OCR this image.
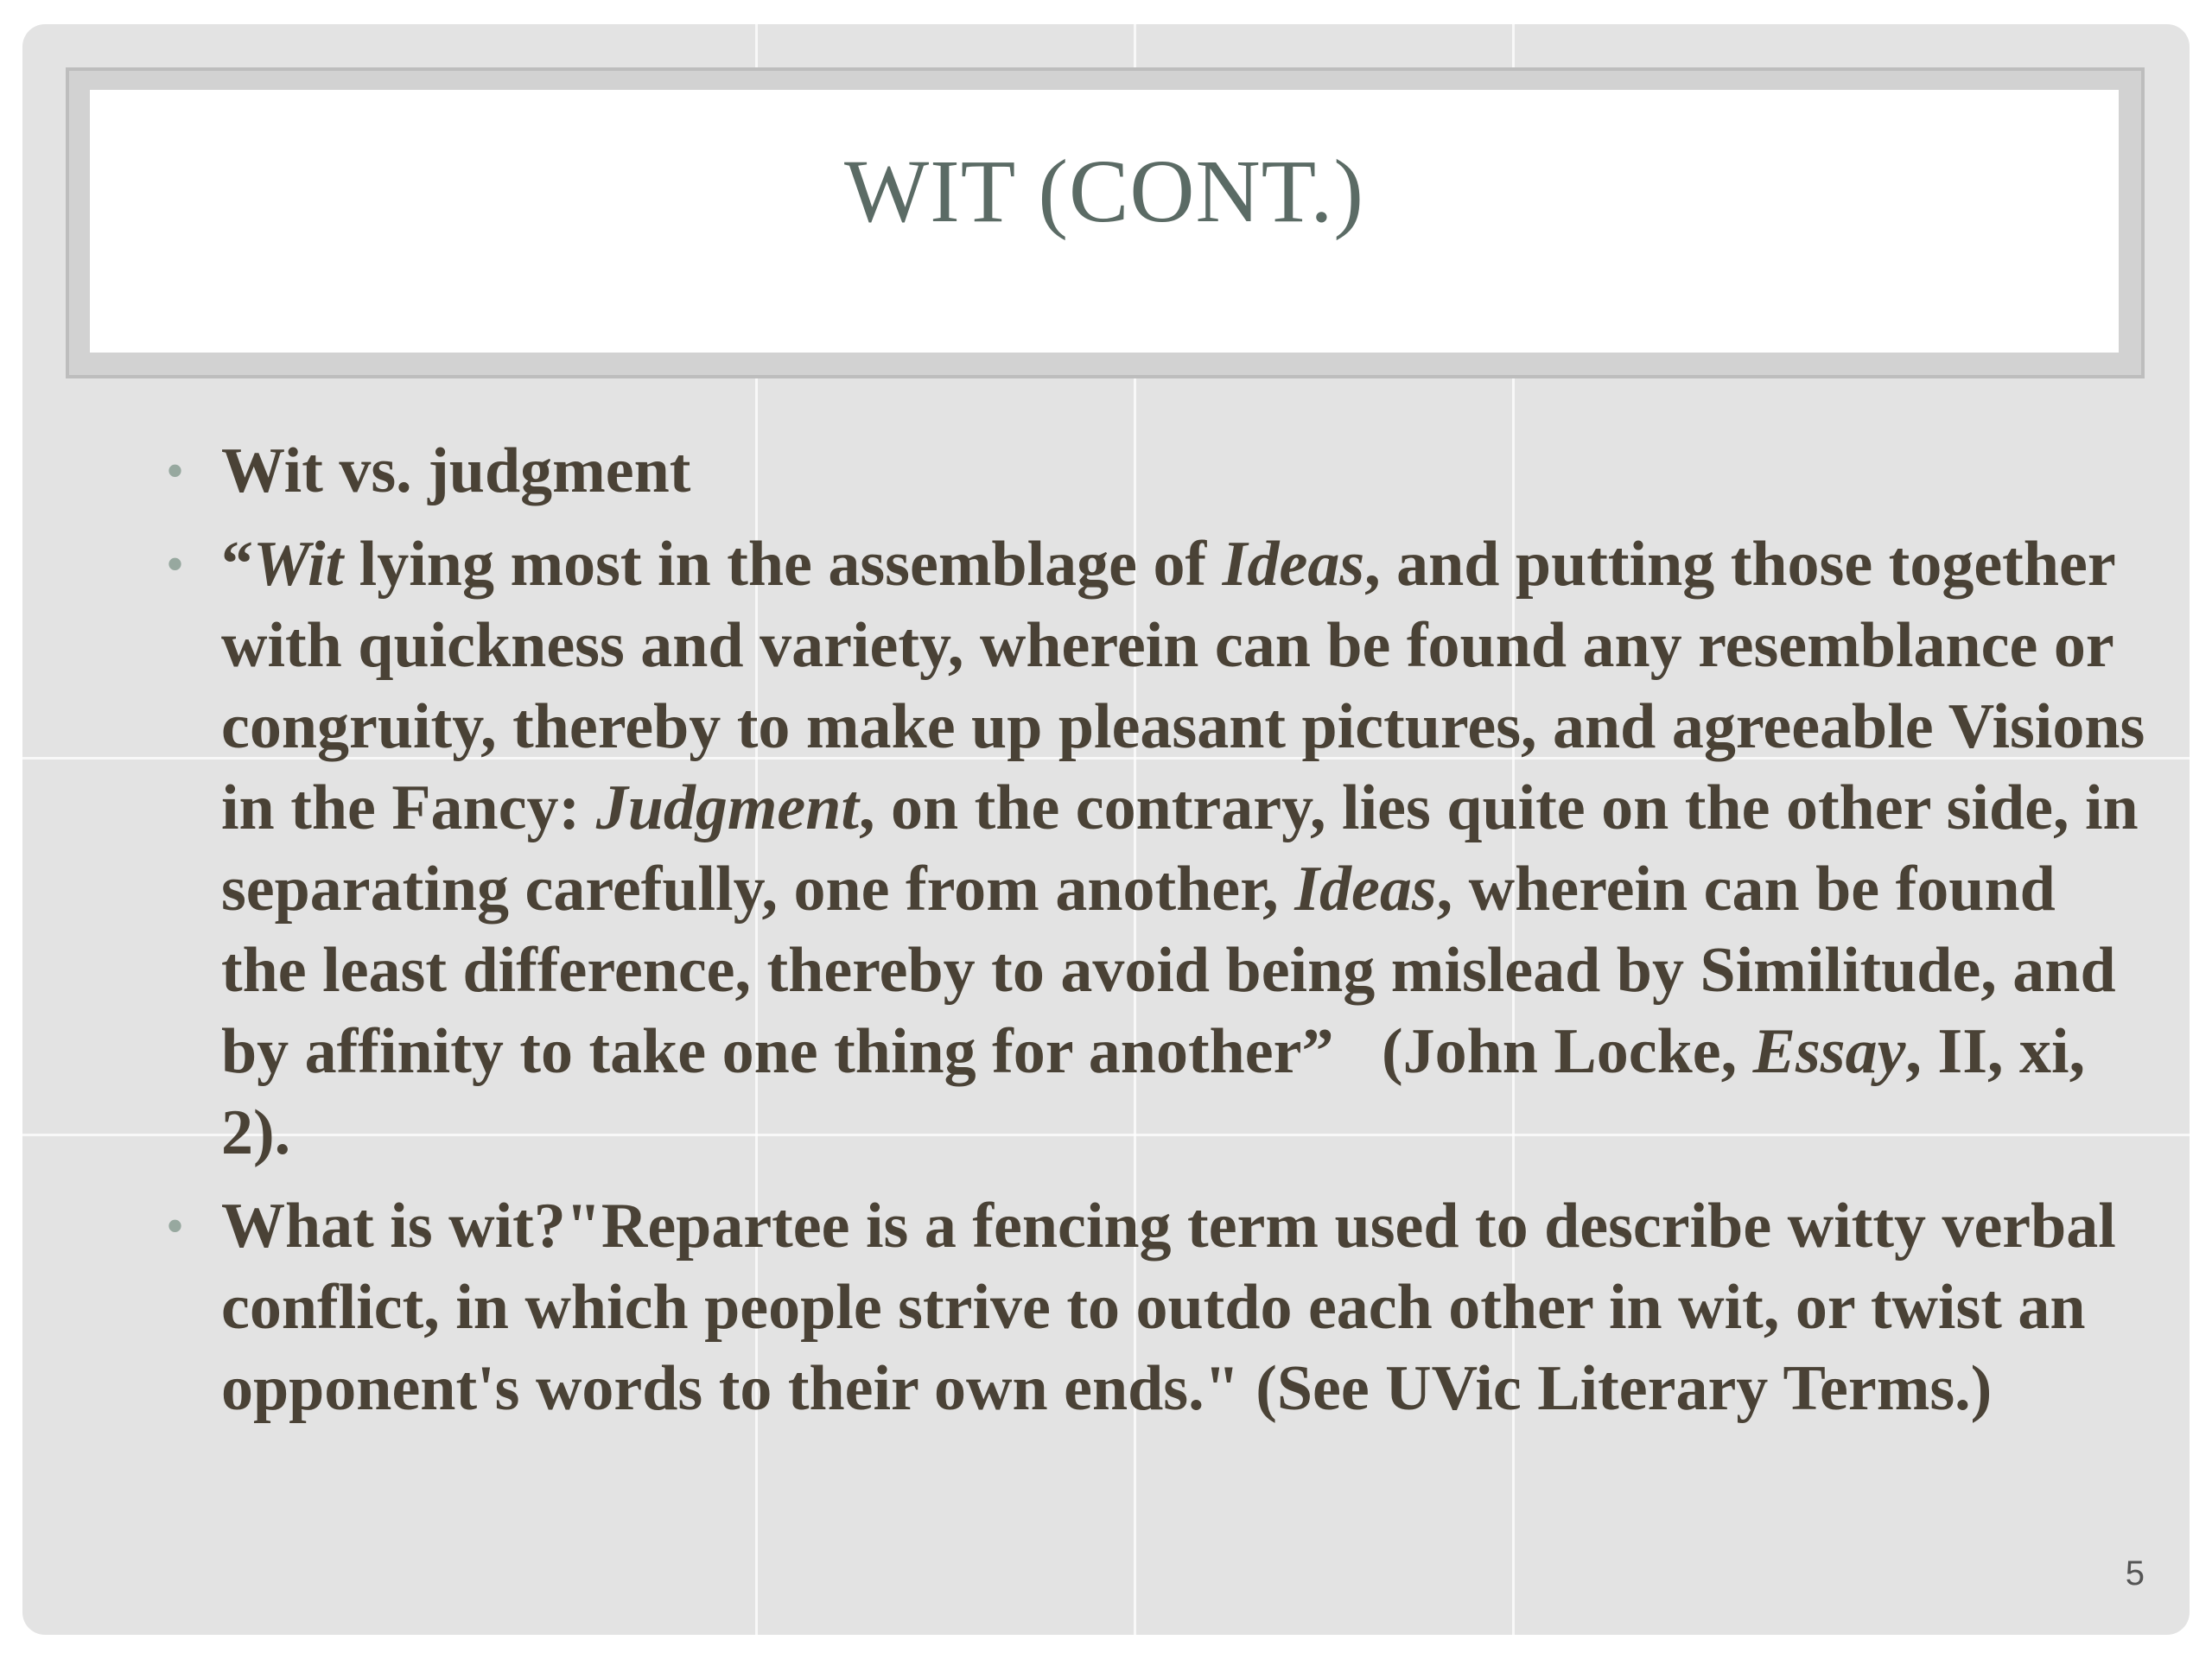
WIT (CONT.)
• Wit vs. judgment
• “Wit lying most in the assemblage of Ideas, and putting those together with quickness and variety, wherein can be found any resemblance or congruity, thereby to make up pleasant pictures, and agreeable Visions in the Fancy: Judgment, on the contrary, lies quite on the other side, in separating carefully, one from another, Ideas, wherein can be found the least difference, thereby to avoid being mislead by Similitude, and by affinity to take one thing for another”   (John Locke, Essay, II, xi, 2).
• What is wit?"Repartee is a fencing term used to describe witty verbal conflict, in which people strive to outdo each other in wit, or twist an opponent's words to their own ends." (See UVic Literary Terms.)
5
